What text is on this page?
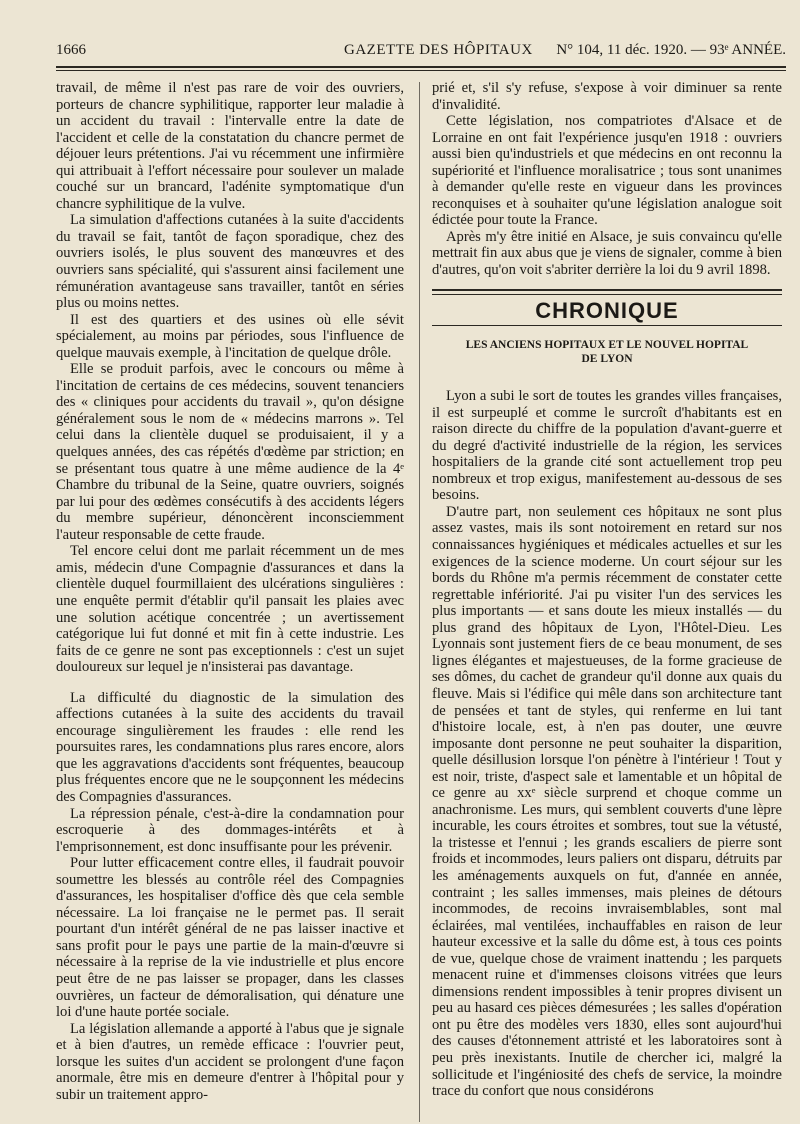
1666	GAZETTE DES HÔPITAUX N° 104, 11 déc. 1920. — 93ᵉ ANNÉE.

travail, de même il n'est pas rare de voir des ouvriers, porteurs de chancre syphilitique, rapporter leur maladie à un accident du travail : l'intervalle entre la date de l'accident et celle de la constatation du chancre permet de déjouer leurs prétentions. J'ai vu récemment une infirmière qui attribuait à l'effort nécessaire pour soulever un malade couché sur un brancard, l'adénite symptomatique d'un chancre syphilitique de la vulve.

La simulation d'affections cutanées à la suite d'accidents du travail se fait, tantôt de façon sporadique, chez des ouvriers isolés, le plus souvent des manœuvres et des ouvriers sans spécialité, qui s'assurent ainsi facilement une rémunération avantageuse sans travailler, tantôt en séries plus ou moins nettes.

Il est des quartiers et des usines où elle sévit spécialement, au moins par périodes, sous l'influence de quelque mauvais exemple, à l'incitation de quelque drôle.

Elle se produit parfois, avec le concours ou même à l'incitation de certains de ces médecins, souvent tenanciers des « cliniques pour accidents du travail », qu'on désigne généralement sous le nom de « médecins marrons ». Tel celui dans la clientèle duquel se produisaient, il y a quelques années, des cas répétés d'œdème par striction; en se présentant tous quatre à une même audience de la 4ᵉ Chambre du tribunal de la Seine, quatre ouvriers, soignés par lui pour des œdèmes consécutifs à des accidents légers du membre supérieur, dénoncèrent inconsciemment l'auteur responsable de cette fraude.

Tel encore celui dont me parlait récemment un de mes amis, médecin d'une Compagnie d'assurances et dans la clientèle duquel fourmillaient des ulcérations singulières : une enquête permit d'établir qu'il pansait les plaies avec une solution acétique concentrée ; un avertissement catégorique lui fut donné et mit fin à cette industrie. Les faits de ce genre ne sont pas exceptionnels : c'est un sujet douloureux sur lequel je n'insisterai pas davantage.

La difficulté du diagnostic de la simulation des affections cutanées à la suite des accidents du travail encourage singulièrement les fraudes : elle rend les poursuites rares, les condamnations plus rares encore, alors que les aggravations d'accidents sont fréquentes, beaucoup plus fréquentes encore que ne le soupçonnent les médecins des Compagnies d'assurances.

La répression pénale, c'est-à-dire la condamnation pour escroquerie à des dommages-intérêts et à l'emprisonnement, est donc insuffisante pour les prévenir.

Pour lutter efficacement contre elles, il faudrait pouvoir soumettre les blessés au contrôle réel des Compagnies d'assurances, les hospitaliser d'office dès que cela semble nécessaire. La loi française ne le permet pas. Il serait pourtant d'un intérêt général de ne pas laisser inactive et sans profit pour le pays une partie de la main-d'œuvre si nécessaire à la reprise de la vie industrielle et plus encore peut être de ne pas laisser se propager, dans les classes ouvrières, un facteur de démoralisation, qui dénature une loi d'une haute portée sociale.

La législation allemande a apporté à l'abus que je signale et à bien d'autres, un remède efficace : l'ouvrier peut, lorsque les suites d'un accident se prolongent d'une façon anormale, être mis en demeure d'entrer à l'hôpital pour y subir un traitement appro-

prié et, s'il s'y refuse, s'expose à voir diminuer sa rente d'invalidité.

Cette législation, nos compatriotes d'Alsace et de Lorraine en ont fait l'expérience jusqu'en 1918 : ouvriers aussi bien qu'industriels et que médecins en ont reconnu la supériorité et l'influence moralisatrice ; tous sont unanimes à demander qu'elle reste en vigueur dans les provinces reconquises et à souhaiter qu'une législation analogue soit édictée pour toute la France.

Après m'y être initié en Alsace, je suis convaincu qu'elle mettrait fin aux abus que je viens de signaler, comme à bien d'autres, qu'on voit s'abriter derrière la loi du 9 avril 1898.

CHRONIQUE
LES ANCIENS HOPITAUX ET LE NOUVEL HOPITAL
DE LYON

Lyon a subi le sort de toutes les grandes villes françaises, il est surpeuplé et comme le surcroît d'habitants est en raison directe du chiffre de la population d'avant-guerre et du degré d'activité industrielle de la région, les services hospitaliers de la grande cité sont actuellement trop peu nombreux et trop exigus, manifestement au-dessous de ses besoins.

D'autre part, non seulement ces hôpitaux ne sont plus assez vastes, mais ils sont notoirement en retard sur nos connaissances hygiéniques et médicales actuelles et sur les exigences de la science moderne. Un court séjour sur les bords du Rhône m'a permis récemment de constater cette regrettable infériorité. J'ai pu visiter l'un des services les plus importants — et sans doute les mieux installés — du plus grand des hôpitaux de Lyon, l'Hôtel-Dieu. Les Lyonnais sont justement fiers de ce beau monument, de ses lignes élégantes et majestueuses, de la forme gracieuse de ses dômes, du cachet de grandeur qu'il donne aux quais du fleuve. Mais si l'édifice qui mêle dans son architecture tant de pensées et tant de styles, qui renferme en lui tant d'histoire locale, est, à n'en pas douter, une œuvre imposante dont personne ne peut souhaiter la disparition, quelle désillusion lorsque l'on pénètre à l'intérieur ! Tout y est noir, triste, d'aspect sale et lamentable et un hôpital de ce genre au xxᵉ siècle surprend et choque comme un anachronisme. Les murs, qui semblent couverts d'une lèpre incurable, les cours étroites et sombres, tout sue la vétusté, la tristesse et l'ennui ; les grands escaliers de pierre sont froids et incommodes, leurs paliers ont disparu, détruits par les aménagements auxquels on fut, d'année en année, contraint ; les salles immenses, mais pleines de détours incommodes, de recoins invraisemblables, sont mal éclairées, mal ventilées, inchauffables en raison de leur hauteur excessive et la salle du dôme est, à tous ces points de vue, quelque chose de vraiment inattendu ; les parquets menacent ruine et d'immenses cloisons vitrées que leurs dimensions rendent impossibles à tenir propres divisent un peu au hasard ces pièces démesurées ; les salles d'opération ont pu être des modèles vers 1830, elles sont aujourd'hui des causes d'étonnement attristé et les laboratoires sont à peu près inexistants. Inutile de chercher ici, malgré la sollicitude et l'ingéniosité des chefs de service, la moindre trace du confort que nous considérons
